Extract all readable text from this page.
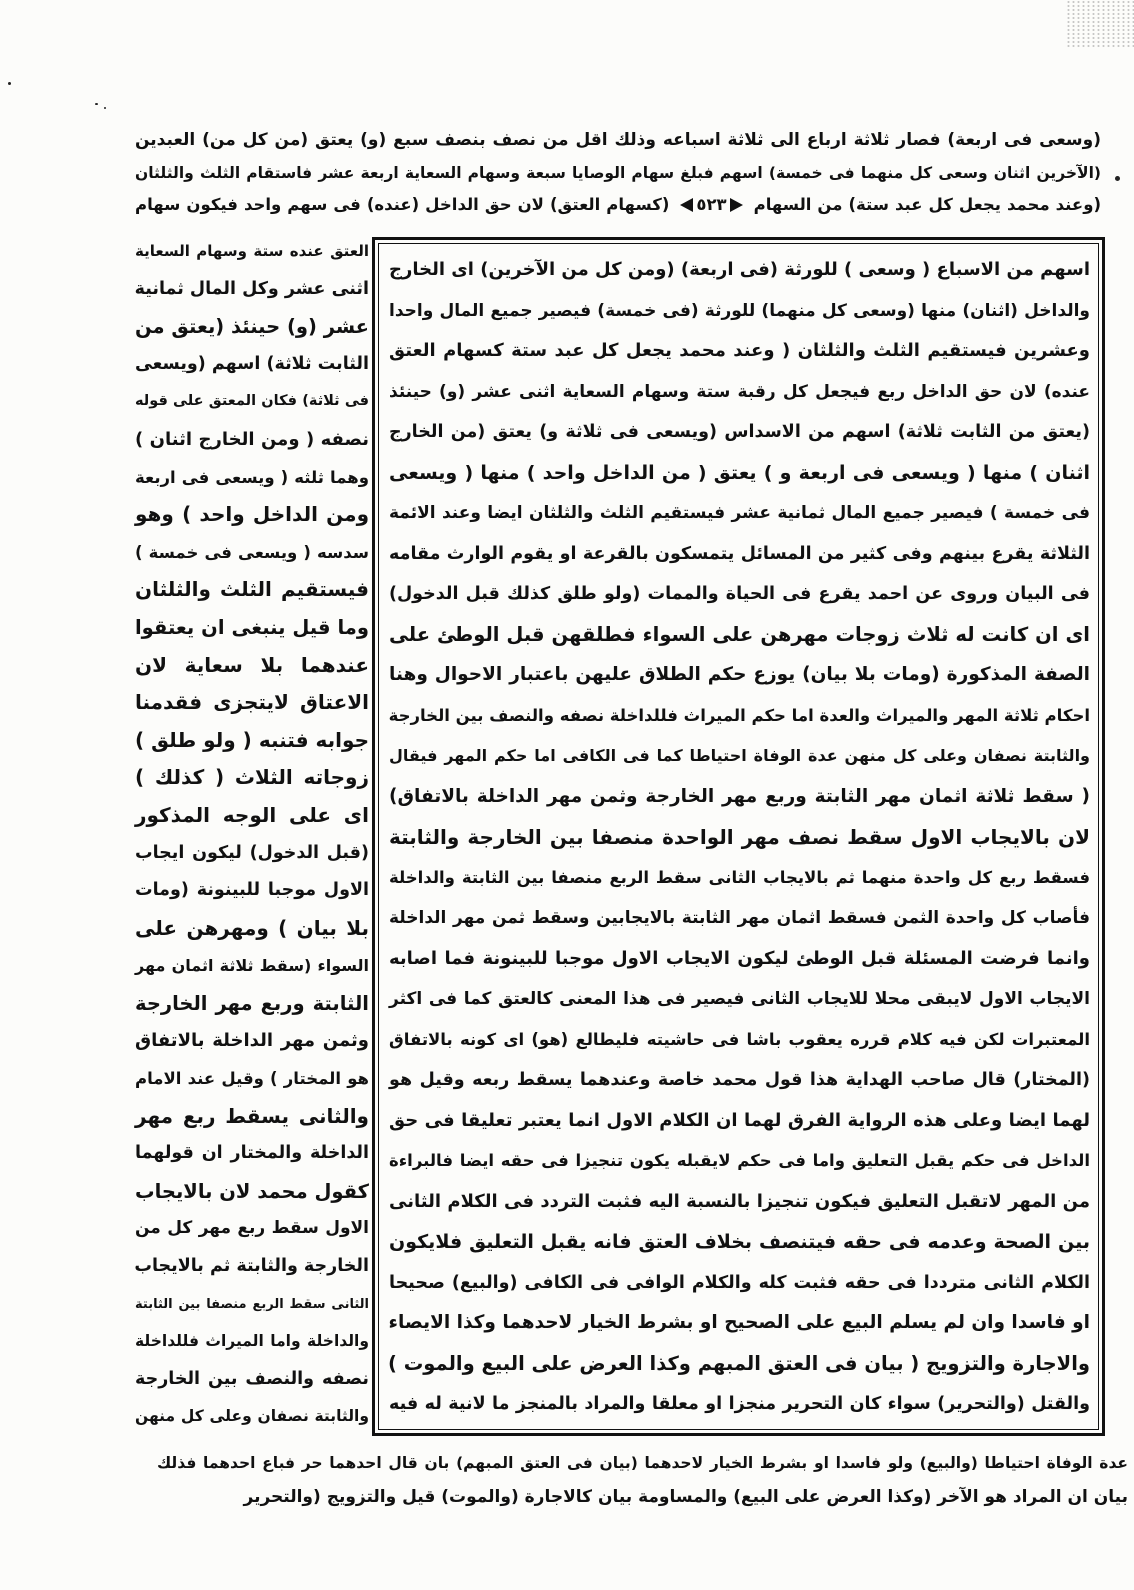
(وسعى فى اربعة) فصار ثلاثة ارباع الى ثلاثة اسباعه وذلك اقل من نصف بنصف سبع (و) يعتق (من كل من) العبدين
(الآخرين اثنان وسعى كل منهما فى خمسة) اسهم فبلغ سهام الوصايا سبعة وسهام السعاية اربعة عشر فاستقام الثلث والثلثان
(وعند محمد يجعل كل عبد ستة) من السهام ٥٢٣ (كسهام العتق) لان حق الداخل (عنده) فى سهم واحد فيكون سهام
العتق عنده ستة وسهام السعاية
اثنى عشر وكل المال ثمانية
عشر (و) حينئذ (يعتق من
الثابت ثلاثة) اسهم (ويسعى
فى ثلاثة) فكان المعتق على قوله
نصفه ( ومن الخارج اثنان )
وهما ثلثه ( ويسعى فى اربعة
ومن الداخل واحد ) وهو
سدسه ( ويسعى فى خمسة )
فيستقيم الثلث والثلثان
وما قيل ينبغى ان يعتقوا
عندهما بلا سعاية لان
الاعتاق لايتجزى فقدمنا
جوابه فتنبه ( ولو طلق )
زوجاته الثلاث ( كذلك )
اى على الوجه المذكور
(قبل الدخول) ليكون ايجاب
الاول موجبا للبينونة (ومات
بلا بيان ) ومهرهن على
السواء (سقط ثلاثة اثمان مهر
الثابتة وربع مهر الخارجة
وثمن مهر الداخلة بالاتفاق
هو المختار ) وقيل عند الامام
والثانى يسقط ربع مهر
الداخلة والمختار ان قولهما
كقول محمد لان بالايجاب
الاول سقط ربع مهر كل من
الخارجة والثابتة ثم بالايجاب
الثانى سقط الربع منصفا بين الثابتة
والداخلة واما الميراث فللداخلة
نصفه والنصف بين الخارجة
والثابتة نصفان وعلى كل منهن
اسهم من الاسباع ( وسعى ) للورثة (فى اربعة) (ومن كل من الآخرين) اى الخارج
والداخل (اثنان) منها (وسعى كل منهما) للورثة (فى خمسة) فيصير جميع المال واحدا
وعشرين فيستقيم الثلث والثلثان ( وعند محمد يجعل كل عبد ستة كسهام العتق
عنده) لان حق الداخل ربع فيجعل كل رقبة ستة وسهام السعاية اثنى عشر (و) حينئذ
(يعتق من الثابت ثلاثة) اسهم من الاسداس (ويسعى فى ثلاثة و) يعتق (من الخارج
اثنان ) منها ( ويسعى فى اربعة و ) يعتق ( من الداخل واحد ) منها ( ويسعى
فى خمسة ) فيصير جميع المال ثمانية عشر فيستقيم الثلث والثلثان ايضا وعند الائمة
الثلاثة يقرع بينهم وفى كثير من المسائل يتمسكون بالقرعة او يقوم الوارث مقامه
فى البيان وروى عن احمد يقرع فى الحياة والممات (ولو طلق كذلك قبل الدخول)
اى ان كانت له ثلاث زوجات مهرهن على السواء فطلقهن قبل الوطئ على
الصفة المذكورة (ومات بلا بيان) يوزع حكم الطلاق عليهن باعتبار الاحوال وهنا
احكام ثلاثة المهر والميراث والعدة اما حكم الميراث فللداخلة نصفه والنصف بين الخارجة
والثابتة نصفان وعلى كل منهن عدة الوفاة احتياطا كما فى الكافى اما حكم المهر فيقال
( سقط ثلاثة اثمان مهر الثابتة وربع مهر الخارجة وثمن مهر الداخلة بالاتفاق)
لان بالايجاب الاول سقط نصف مهر الواحدة منصفا بين الخارجة والثابتة
فسقط ربع كل واحدة منهما ثم بالايجاب الثانى سقط الربع منصفا بين الثابتة والداخلة
فأصاب كل واحدة الثمن فسقط اثمان مهر الثابتة بالايجابين وسقط ثمن مهر الداخلة
وانما فرضت المسئلة قبل الوطئ ليكون الايجاب الاول موجبا للبينونة فما اصابه
الايجاب الاول لايبقى محلا للايجاب الثانى فيصير فى هذا المعنى كالعتق كما فى اكثر
المعتبرات لكن فيه كلام قرره يعقوب باشا فى حاشيته فليطالع (هو) اى كونه بالاتفاق
(المختار) قال صاحب الهداية هذا قول محمد خاصة وعندهما يسقط ربعه وقيل هو
لهما ايضا وعلى هذه الرواية الفرق لهما ان الكلام الاول انما يعتبر تعليقا فى حق
الداخل فى حكم يقبل التعليق واما فى حكم لايقبله يكون تنجيزا فى حقه ايضا فالبراءة
من المهر لاتقبل التعليق فيكون تنجيزا بالنسبة اليه فثبت التردد فى الكلام الثانى
بين الصحة وعدمه فى حقه فيتنصف بخلاف العتق فانه يقبل التعليق فلايكون
الكلام الثانى مترددا فى حقه فثبت كله والكلام الوافى فى الكافى (والبيع) صحيحا
او فاسدا وان لم يسلم البيع على الصحيح او بشرط الخيار لاحدهما وكذا الايصاء
والاجارة والتزويج ( بيان فى العتق المبهم وكذا العرض على البيع والموت )
والقتل (والتحرير) سواء كان التحرير منجزا او معلقا والمراد بالمنجز ما لانية له فيه
عدة الوفاة احتياطا (والبيع) ولو فاسدا او بشرط الخيار لاحدهما (بيان فى العتق المبهم) بان قال احدهما حر فباع احدهما فذلك
بيان ان المراد هو الآخر (وكذا العرض على البيع) والمساومة بيان كالاجارة (والموت) قيل والتزويج (والتحرير
